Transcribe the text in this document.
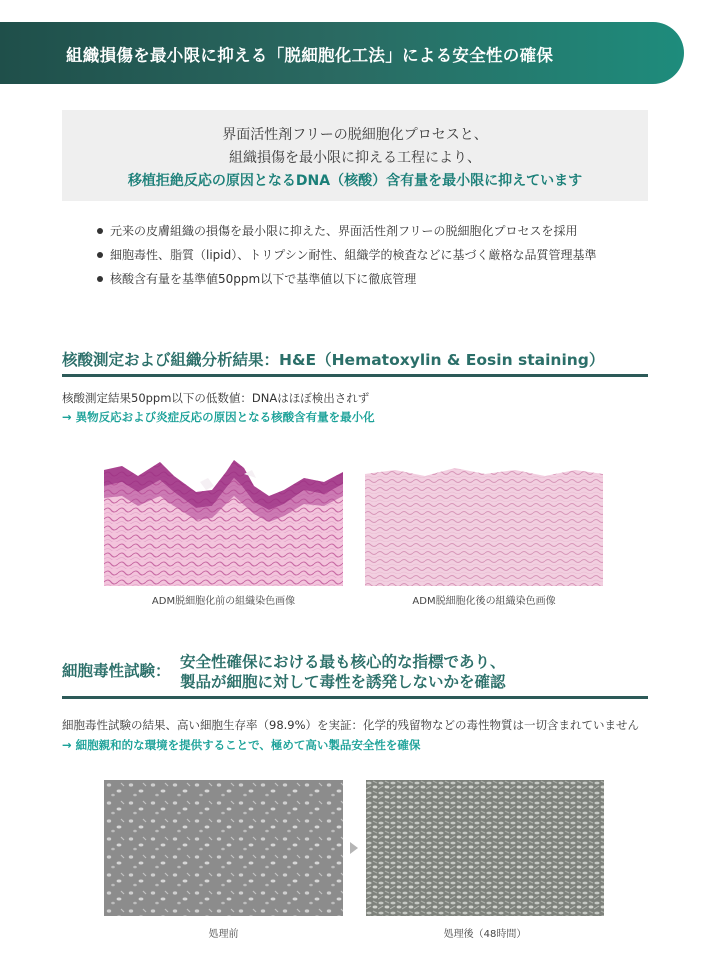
組織損傷を最小限に抑える「脱細胞化工法」による安全性の確保
界面活性剤フリーの脱細胞化プロセスと、
組織損傷を最小限に抑える工程により、
移植拒絶反応の原因となるDNA（核酸）含有量を最小限に抑えています
元来の皮膚組織の損傷を最小限に抑えた、界面活性剤フリーの脱細胞化プロセスを採用
細胞毒性、脂質（lipid）、トリプシン耐性、組織学的検査などに基づく厳格な品質管理基準
核酸含有量を基準値50ppm以下で基準値以下に徹底管理
核酸測定および組織分析結果：H&E（Hematoxylin & Eosin staining）
核酸測定結果50ppm以下の低数値：DNAはほぼ検出されず
→ 異物反応および炎症反応の原因となる核酸含有量を最小化
ADM脱細胞化前の組織染色画像	ADM脱細胞化後の組織染色画像
細胞毒性試験： 安全性確保における最も核心的な指標であり、
製品が細胞に対して毒性を誘発しないかを確認
細胞毒性試験の結果、高い細胞生存率（98.9%）を実証：化学的残留物などの毒性物質は一切含まれていません
→ 細胞親和的な環境を提供することで、極めて高い製品安全性を確保
処理前	処理後（48時間）
